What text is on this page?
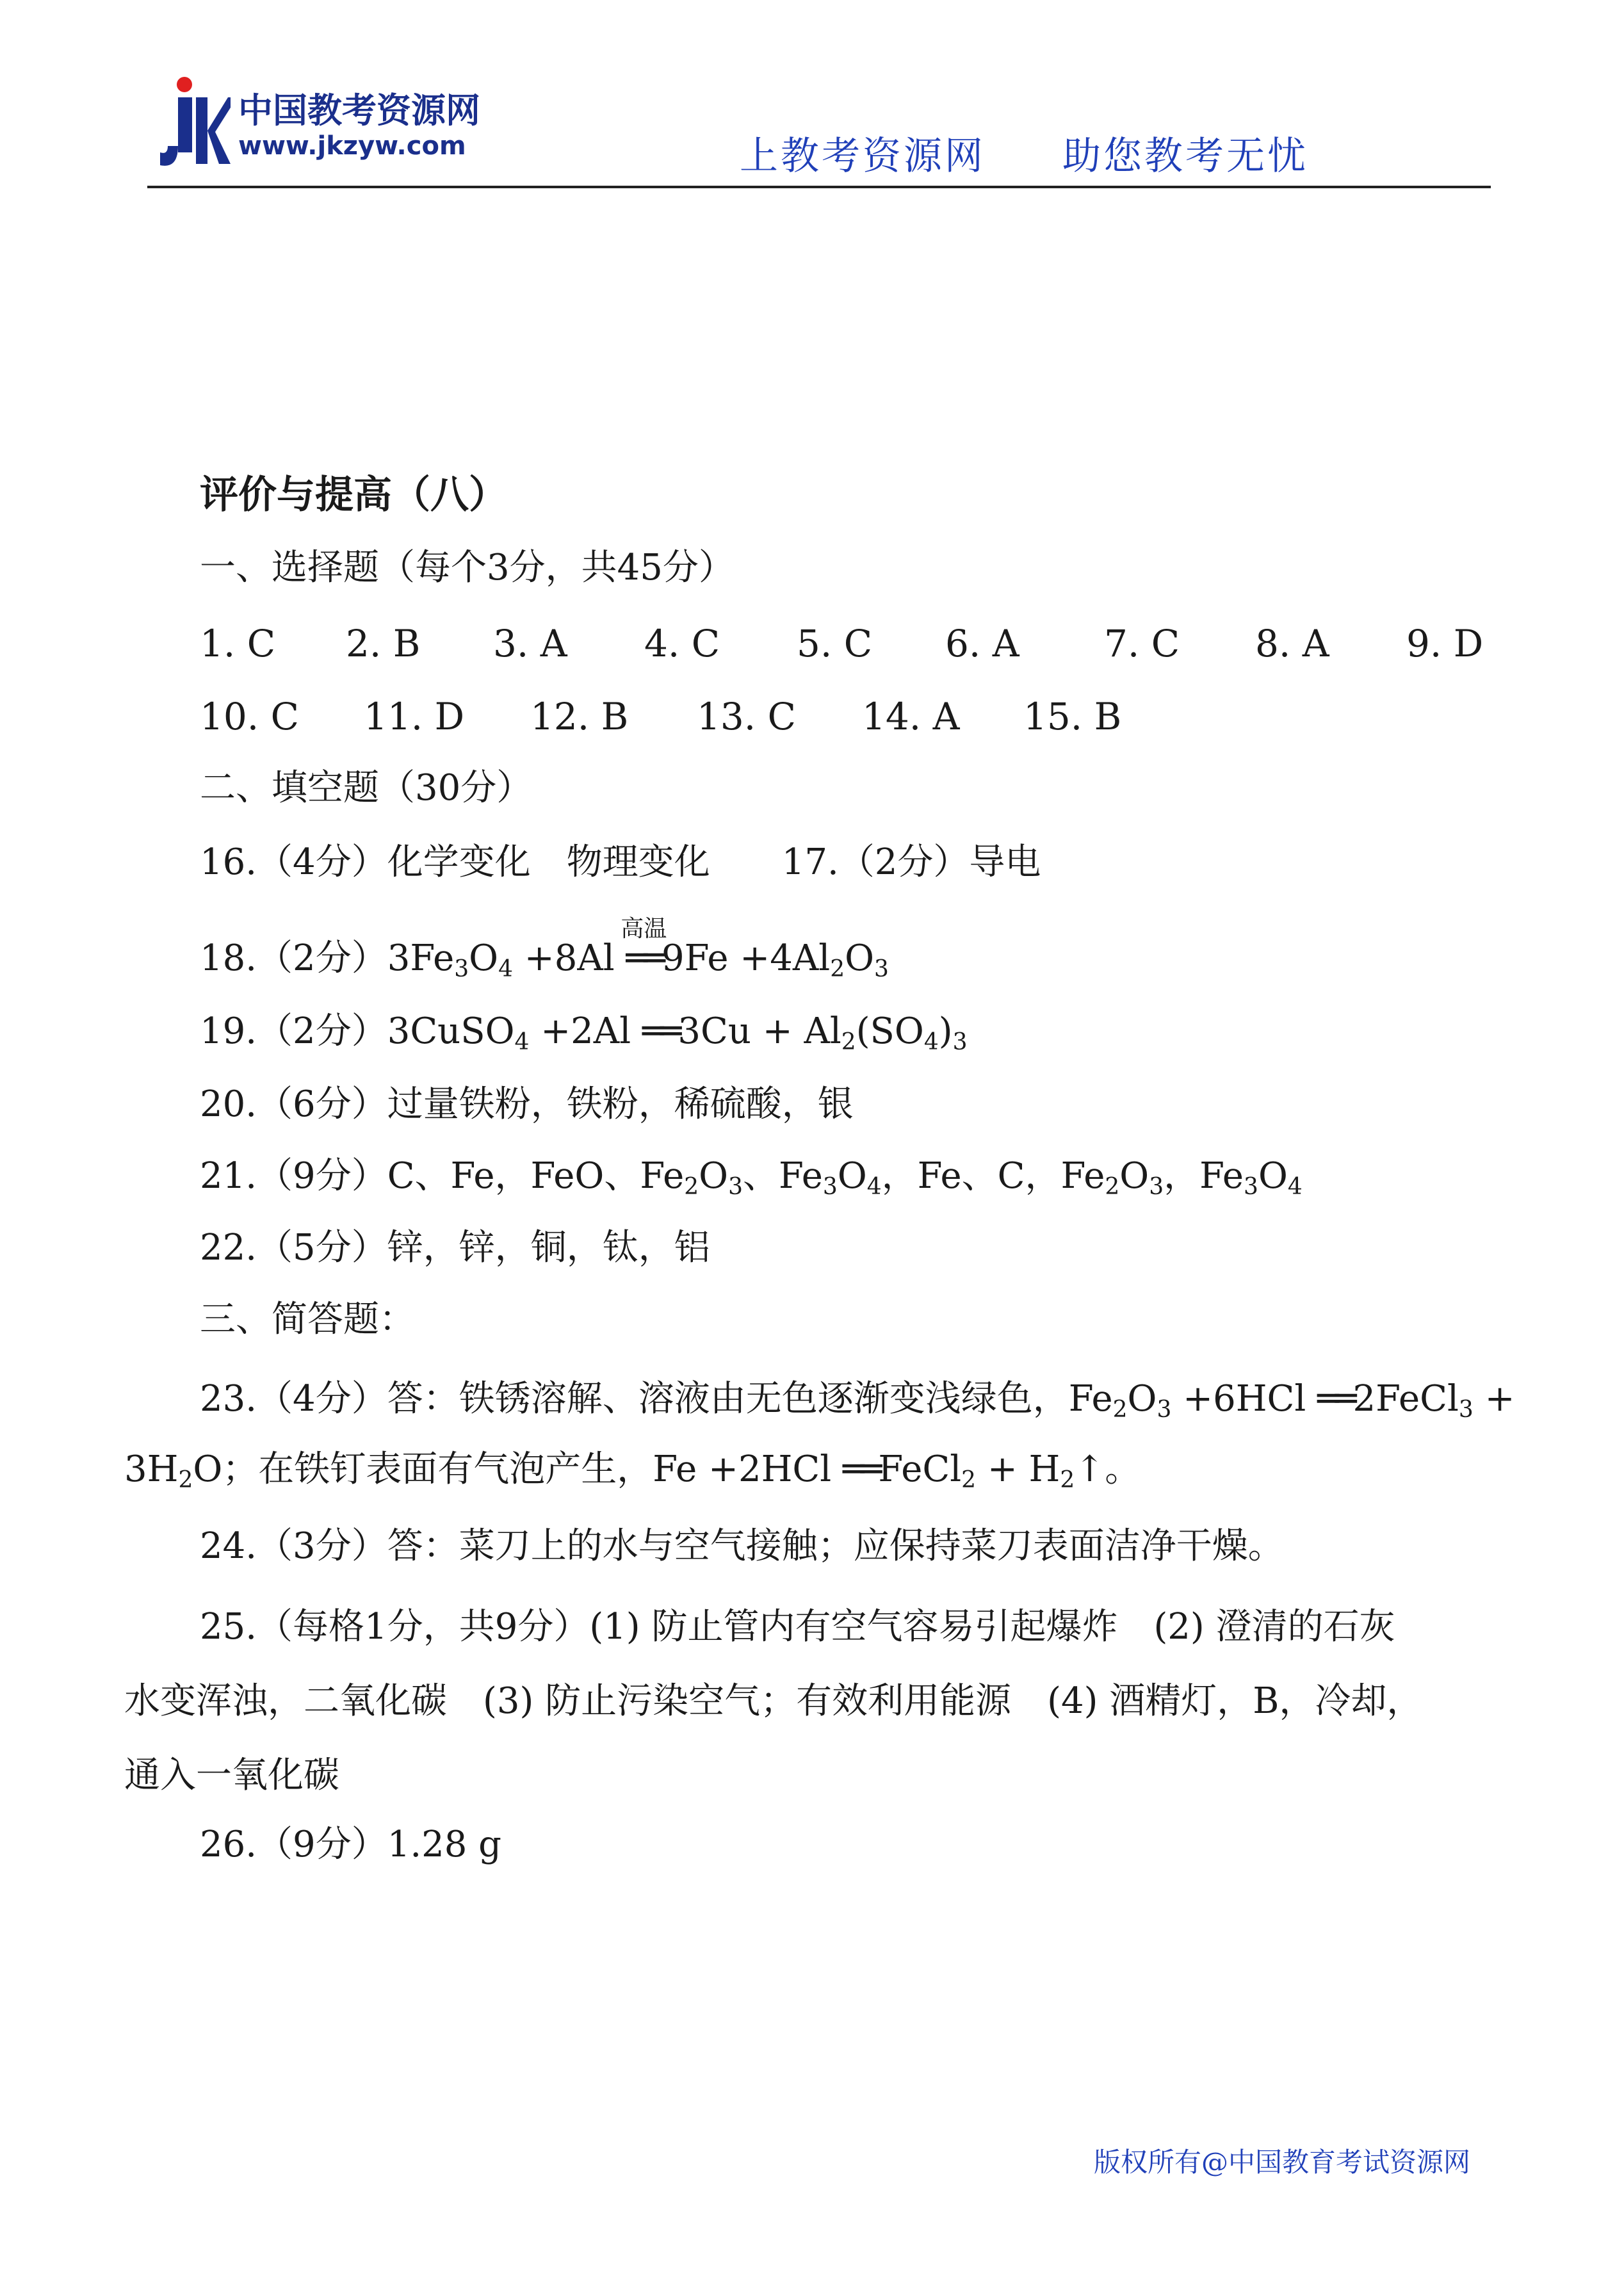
中国教考资源网
www.jkzyw.com	上教考资源网 助您教考无忧
评价与提高（八）
一、选择题（每个3分，共45分）
1. C 2. B 3. A 4. C 5. C 6. A 7. C 8. A 9. D
10. C 11. D 12. B 13. C 14. A 15. B
二、填空题（30分）
16.（4分）化学变化　物理变化　　17.（2分）导电
18.（2分）$3Fe_3O_4 +8Al$
高温
══9Fe $+4Al_2O_3$
19.（2分）3CuSO$_4$ +2Al ══3Cu + $Al_2(SO_4)_3$
20.（6分）过量铁粉，铁粉，稀硫酸，银
21.（9分）C、Fe，FeO、$Fe_2O_3$、$Fe_3O_4$，Fe、C，$Fe_2O_3$，$Fe_3O_4$
22.（5分）锌，锌，铜，钛，铝
三、简答题：
23.（4分）答：铁锈溶解、溶液由无色逐渐变浅绿色，$Fe_2O_3 +6HCl$ ══2FeCl$_3$ +
$3H_2O$；在铁钉表面有气泡产生，Fe +2HCl ══FeCl$_2$ + $H_2↑$。
24.（3分）答：菜刀上的水与空气接触；应保持菜刀表面洁净干燥。
25.（每格1分，共9分）(1) 防止管内有空气容易引起爆炸　(2) 澄清的石灰
水变浑浊，二氧化碳　(3) 防止污染空气；有效利用能源　(4) 酒精灯，B，冷却，
通入一氧化碳
26.（9分）1.28 g
版权所有@中国教育考试资源网
